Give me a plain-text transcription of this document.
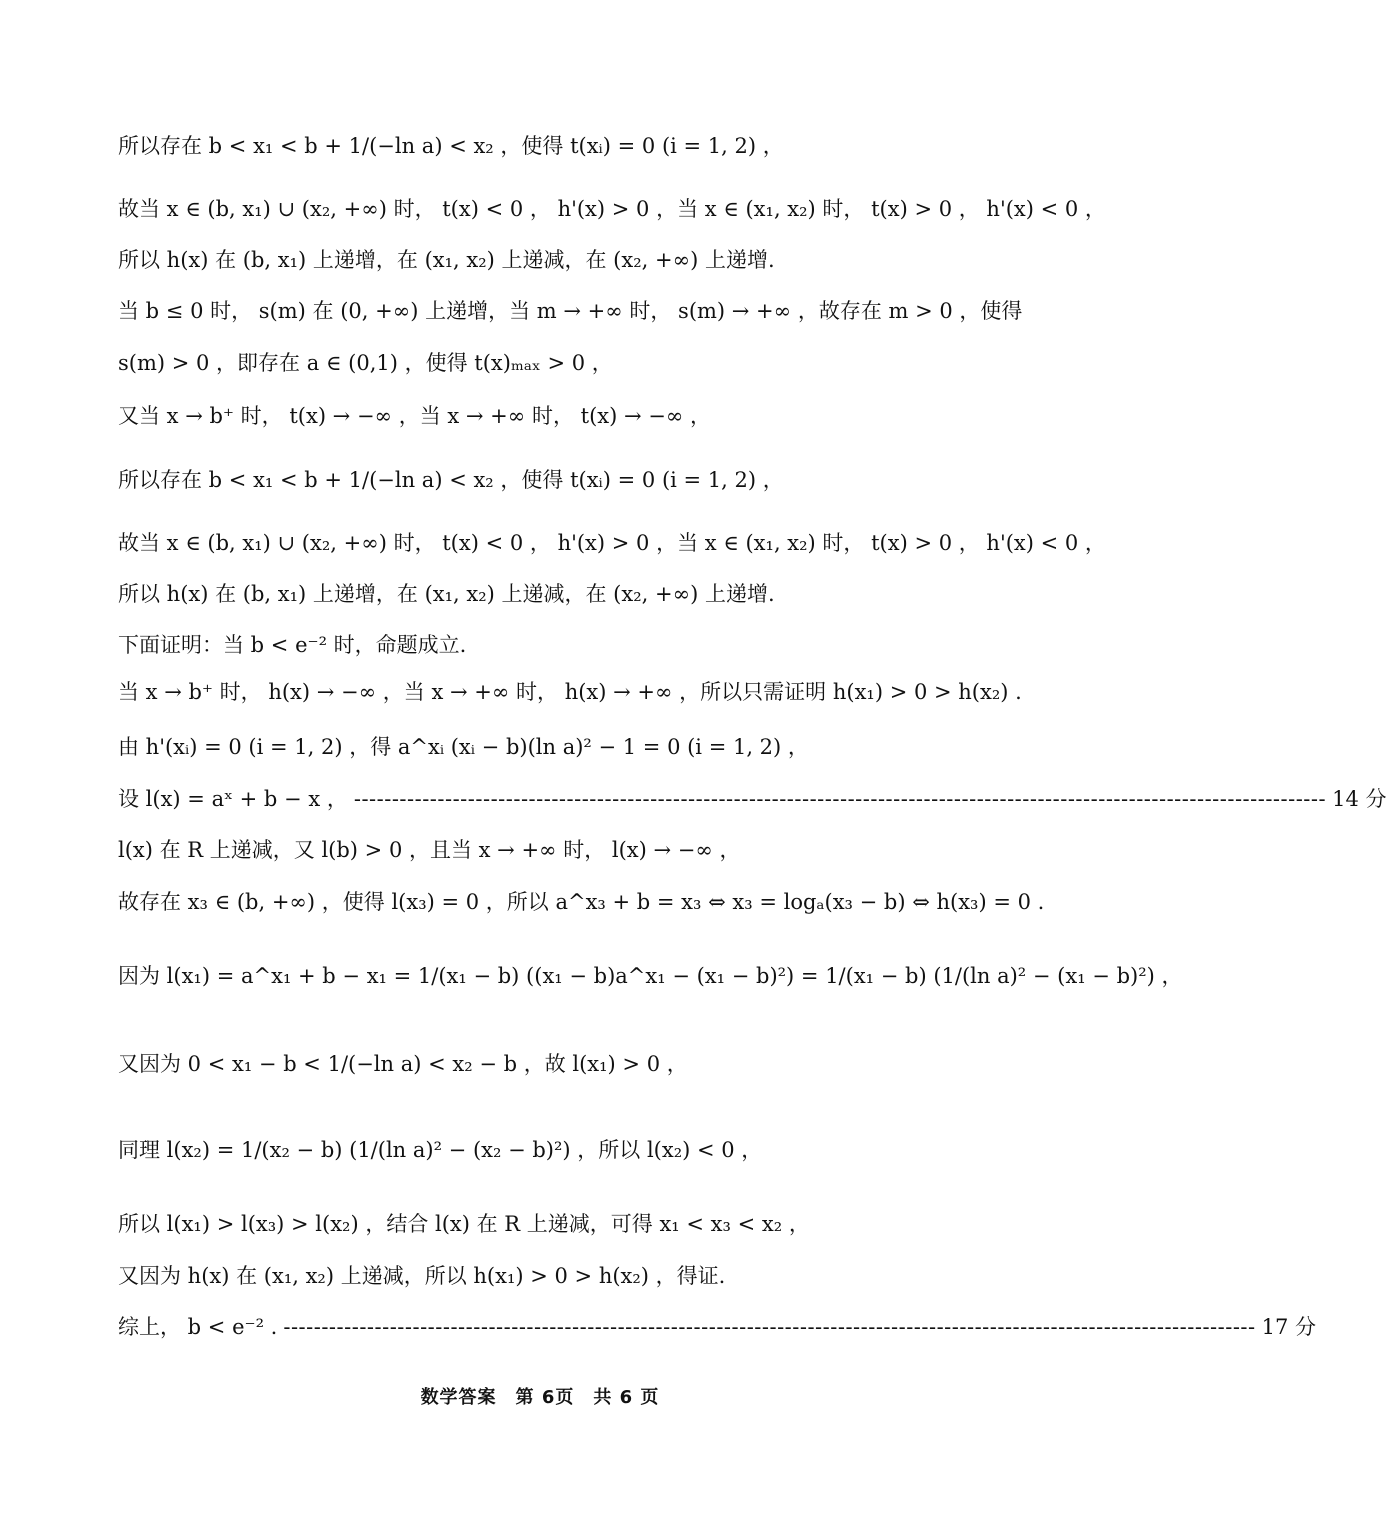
所以存在 b < x₁ < b + 1/(−ln a) < x₂ ，使得 t(xᵢ) = 0 (i = 1, 2) ，
故当 x ∈ (b, x₁) ∪ (x₂, +∞) 时， t(x) < 0 ， h'(x) > 0 ，当 x ∈ (x₁, x₂) 时， t(x) > 0 ， h'(x) < 0 ，
所以 h(x) 在 (b, x₁) 上递增，在 (x₁, x₂) 上递减，在 (x₂, +∞) 上递增.
当 b ≤ 0 时， s(m) 在 (0, +∞) 上递增，当 m → +∞ 时， s(m) → +∞ ，故存在 m > 0 ，使得
s(m) > 0 ，即存在 a ∈ (0,1) ，使得 t(x)ₘₐₓ > 0 ，
又当 x → b⁺ 时， t(x) → −∞ ，当 x → +∞ 时， t(x) → −∞ ，
所以存在 b < x₁ < b + 1/(−ln a) < x₂ ，使得 t(xᵢ) = 0 (i = 1, 2) ，
故当 x ∈ (b, x₁) ∪ (x₂, +∞) 时， t(x) < 0 ， h'(x) > 0 ，当 x ∈ (x₁, x₂) 时， t(x) > 0 ， h'(x) < 0 ，
所以 h(x) 在 (b, x₁) 上递增，在 (x₁, x₂) 上递减，在 (x₂, +∞) 上递增.
下面证明：当 b < e⁻² 时，命题成立.
当 x → b⁺ 时， h(x) → −∞ ，当 x → +∞ 时， h(x) → +∞ ，所以只需证明 h(x₁) > 0 > h(x₂) .
由 h'(xᵢ) = 0 (i = 1, 2) ，得 a^xᵢ (xᵢ − b)(ln a)² − 1 = 0 (i = 1, 2) ，
设 l(x) = aˣ + b − x ， -------------------------------------------------------------------------------------------------------------------------------- 14 分
l(x) 在 R 上递减，又 l(b) > 0 ，且当 x → +∞ 时， l(x) → −∞ ，
故存在 x₃ ∈ (b, +∞) ，使得 l(x₃) = 0 ，所以 a^x₃ + b = x₃ ⇔ x₃ = logₐ(x₃ − b) ⇔ h(x₃) = 0 .
因为 l(x₁) = a^x₁ + b − x₁ = 1/(x₁ − b) ((x₁ − b)a^x₁ − (x₁ − b)²) = 1/(x₁ − b) (1/(ln a)² − (x₁ − b)²) ，
又因为 0 < x₁ − b < 1/(−ln a) < x₂ − b ，故 l(x₁) > 0 ，
同理 l(x₂) = 1/(x₂ − b) (1/(ln a)² − (x₂ − b)²) ，所以 l(x₂) < 0 ，
所以 l(x₁) > l(x₃) > l(x₂) ，结合 l(x) 在 R 上递减，可得 x₁ < x₃ < x₂ ，
又因为 h(x) 在 (x₁, x₂) 上递减，所以 h(x₁) > 0 > h(x₂) ，得证.
综上， b < e⁻² . -------------------------------------------------------------------------------------------------------------------------------- 17 分
数学答案　第 6页　共 6 页
